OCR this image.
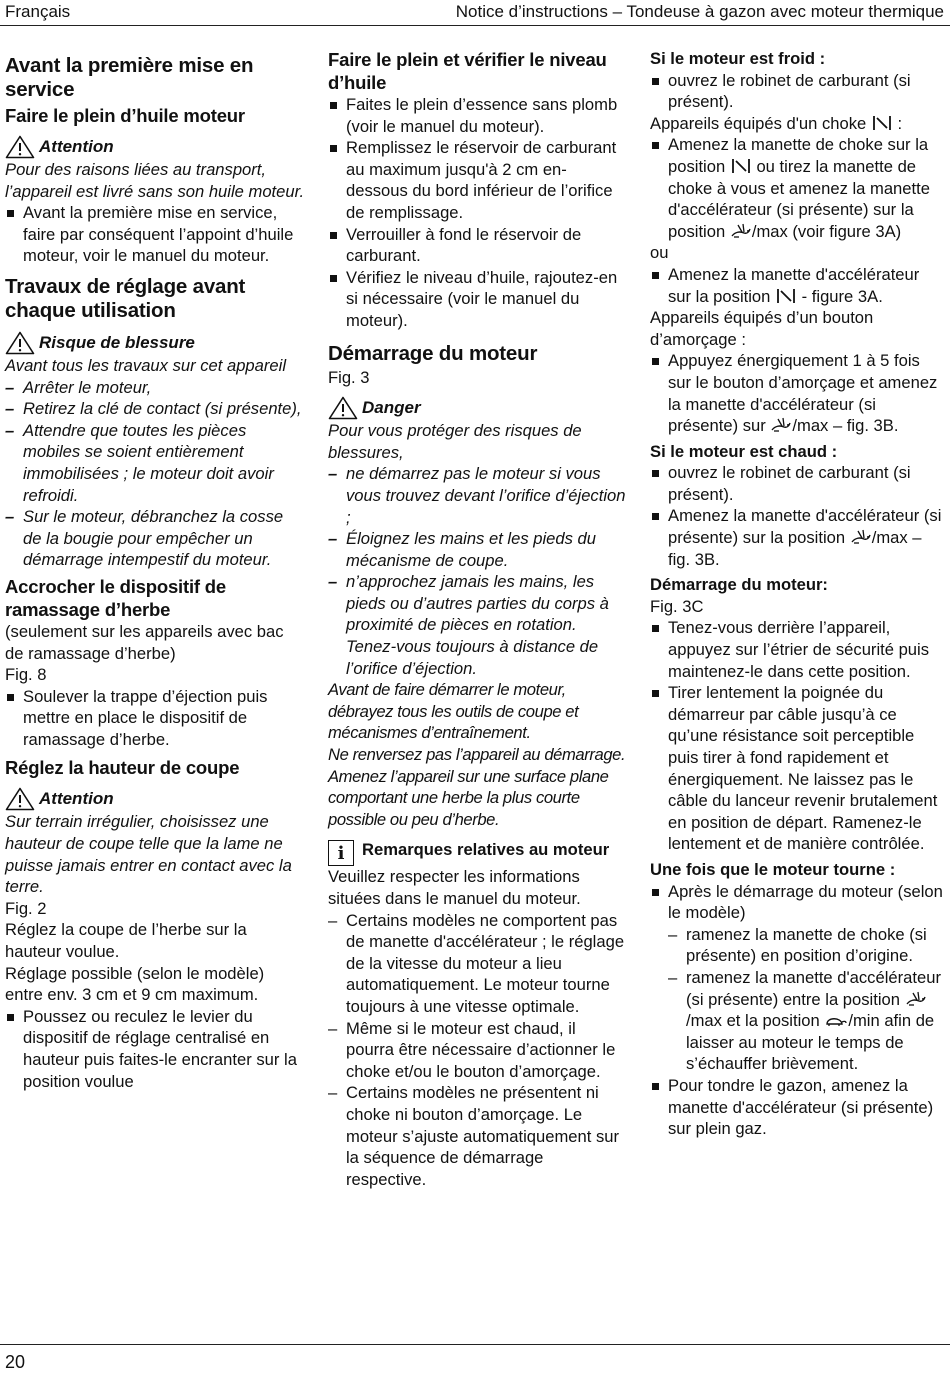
Français	Notice d’instructions – Tondeuse à gazon avec moteur thermique
Avant la première mise en service
Faire le plein d’huile moteur
Attention

Pour des raisons liées au transport, l’appareil est livré sans son huile moteur.

Avant la première mise en service, faire par conséquent l’appoint d’huile moteur, voir le manuel du moteur.
Travaux de réglage avant chaque utilisation
Risque de blessure

Avant tous les travaux sur cet appareil

– Arrêter le moteur,
– Retirez la clé de contact (si présente),
– Attendre que toutes les pièces mobiles se soient entièrement immobilisées ; le moteur doit avoir refroidi.
– Sur le moteur, débranchez la cosse de la bougie pour empêcher un démarrage intempestif du moteur.
Accrocher le dispositif de ramassage d’herbe

(seulement sur les appareils avec bac de ramassage d’herbe)

Fig. 8

Soulever la trappe d’éjection puis mettre en place le dispositif de ramassage d’herbe.
Réglez la hauteur de coupe
Attention

Sur terrain irrégulier, choisissez une hauteur de coupe telle que la lame ne puisse jamais entrer en contact avec la terre.

Fig. 2

Réglez la coupe de l’herbe sur la hauteur voulue.

Réglage possible (selon le modèle) entre env. 3 cm et 9 cm maximum.

Poussez ou reculez le levier du dispositif de réglage centralisé en hauteur puis faites-le encranter sur la position voulue
Faire le plein et vérifier le niveau d’huile
Faites le plein d’essence sans plomb (voir le manuel du moteur).
Remplissez le réservoir de carburant au maximum jusqu'à 2 cm en-dessous du bord inférieur de l’orifice de remplissage.
Verrouiller à fond le réservoir de carburant.
Vérifiez le niveau d’huile, rajoutez-en si nécessaire (voir le manuel du moteur).
Démarrage du moteur

Fig. 3

Danger

Pour vous protéger des risques de blessures,

– ne démarrez pas le moteur si vous vous trouvez devant l’orifice d’éjection ;
– Éloignez les mains et les pieds du mécanisme de coupe.
– n’approchez jamais les mains, les pieds ou d’autres parties du corps à proximité de pièces en rotation. Tenez-vous toujours à distance de l’orifice d’éjection.

Avant de faire démarrer le moteur, débrayez tous les outils de coupe et mécanismes d’entraînement.

Ne renversez pas l’appareil au démarrage. Amenez l’appareil sur une surface plane comportant une herbe la plus courte possible ou peu d’herbe.

i	Remarques relatives au moteur

Veuillez respecter les informations situées dans le manuel du moteur.

– Certains modèles ne comportent pas de manette d'accélérateur ; le réglage de la vitesse du moteur a lieu automatiquement. Le moteur tourne toujours à une vitesse optimale.
– Même si le moteur est chaud, il pourra être nécessaire d’actionner le choke et/ou le bouton d’amorçage.
– Certains modèles ne présentent ni choke ni bouton d’amorçage. Le moteur s’ajuste automatiquement sur la séquence de démarrage respective.
Si le moteur est froid :
ouvrez le robinet de carburant (si présent).

Appareils équipés d'un choke  :

Amenez la manette de choke sur la position ou tirez la manette de choke à vous et amenez la manette d'accélérateur (si présente) sur la position /max (voir figure 3A)

ou

Amenez la manette d'accélérateur sur la position - figure 3A.

Appareils équipés d’un bouton d’amorçage :

Appuyez énergiquement 1 à 5 fois sur le bouton d’amorçage et amenez la manette d'accélérateur (si présente) sur /max – fig. 3B.
Si le moteur est chaud :
ouvrez le robinet de carburant (si présent).
Amenez la manette d'accélérateur (si présente) sur la position /max – fig. 3B.
Démarrage du moteur:

Fig. 3C

Tenez-vous derrière l’appareil, appuyez sur l’étrier de sécurité puis maintenez-le dans cette position.
Tirer lentement la poignée du démarreur par câble jusqu’à ce qu’une résistance soit perceptible puis tirer à fond rapidement et énergiquement. Ne laissez pas le câble du lanceur revenir brutalement en position de départ. Ramenez-le lentement et de manière contrôlée.
Une fois que le moteur tourne :
Après le démarrage du moteur (selon le modèle)
– ramenez la manette de choke (si présente) en position d’origine.
– ramenez la manette d'accélérateur (si présente) entre la position /max et la position /min afin de laisser au moteur le temps de s’échauffer brièvement.
Pour tondre le gazon, amenez la manette d'accélérateur (si présente) sur plein gaz.
20
